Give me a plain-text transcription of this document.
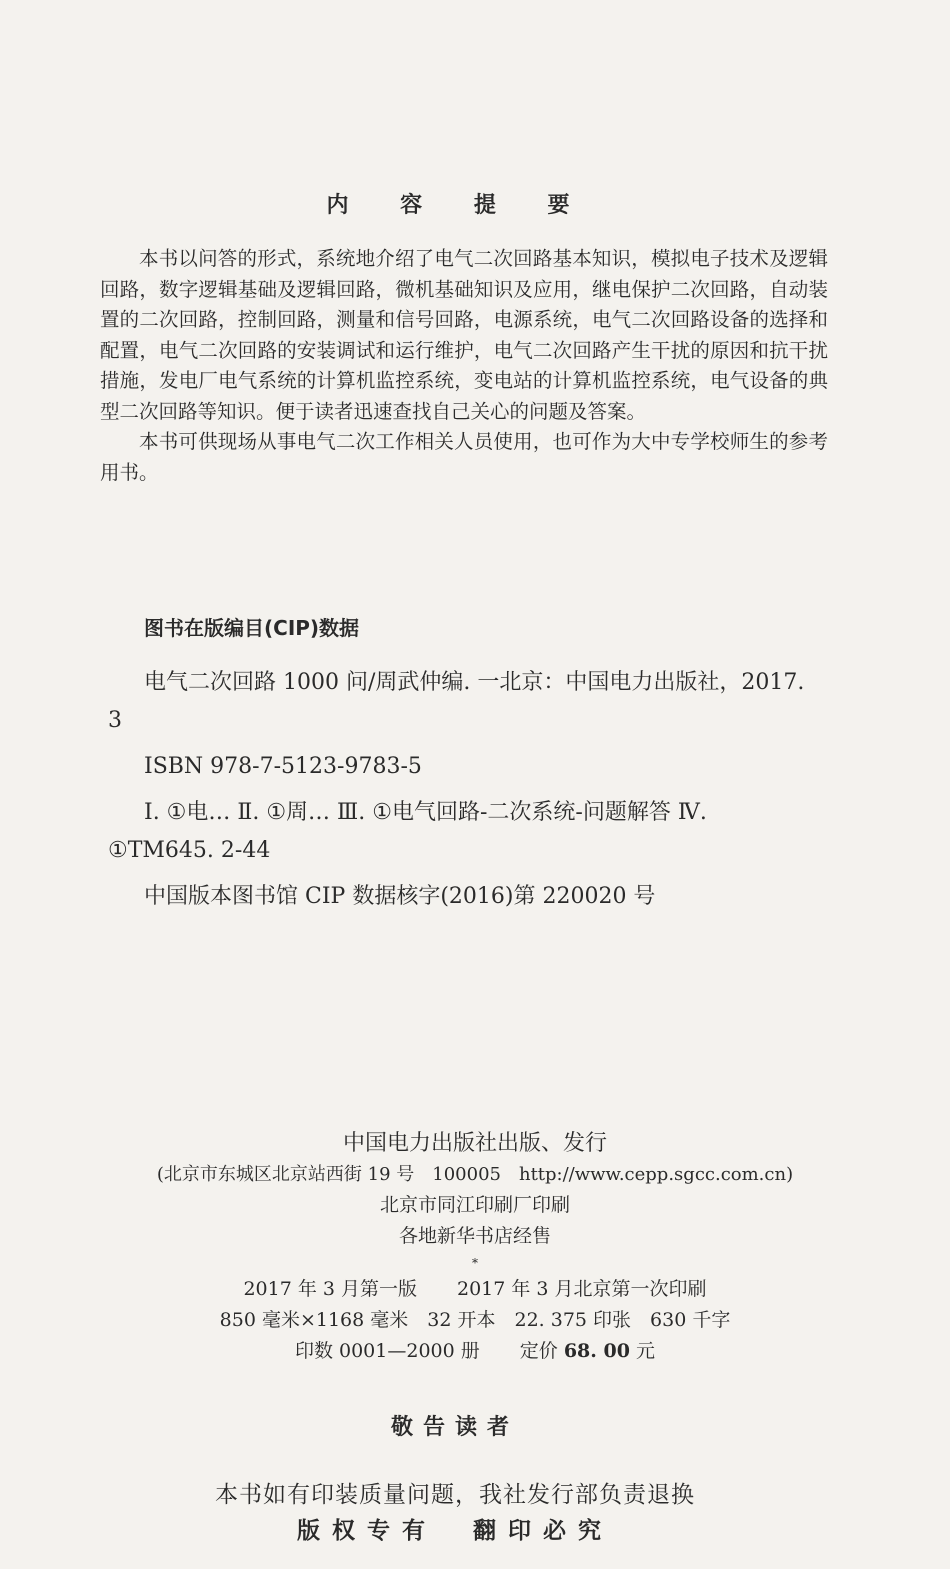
内 容 提 要

本书以问答的形式，系统地介绍了电气二次回路基本知识，模拟电子技术及逻辑回路，数字逻辑基础及逻辑回路，微机基础知识及应用，继电保护二次回路，自动装置的二次回路，控制回路，测量和信号回路，电源系统，电气二次回路设备的选择和配置，电气二次回路的安装调试和运行维护，电气二次回路产生干扰的原因和抗干扰措施，发电厂电气系统的计算机监控系统，变电站的计算机监控系统，电气设备的典型二次回路等知识。便于读者迅速查找自己关心的问题及答案。

本书可供现场从事电气二次工作相关人员使用，也可作为大中专学校师生的参考用书。

图书在版编目(CIP)数据

电气二次回路 1000 问/周武仲编. 一北京：中国电力出版社，2017. 3

ISBN 978-7-5123-9783-5

Ⅰ. ①电… Ⅱ. ①周… Ⅲ. ①电气回路-二次系统-问题解答 Ⅳ. ①TM645. 2-44

中国版本图书馆 CIP 数据核字(2016)第 220020 号

中国电力出版社出版、发行
(北京市东城区北京站西街 19 号　100005　http://www.cepp.sgcc.com.cn)
北京市同江印刷厂印刷
各地新华书店经售
*
2017 年 3 月第一版 2017 年 3 月北京第一次印刷
850 毫米×1168 毫米　32 开本　22. 375 印张　630 千字
印数 0001—2000 册 定价 68. 00 元
敬告读者
本书如有印装质量问题，我社发行部负责退换
版权专有 翻印必究
